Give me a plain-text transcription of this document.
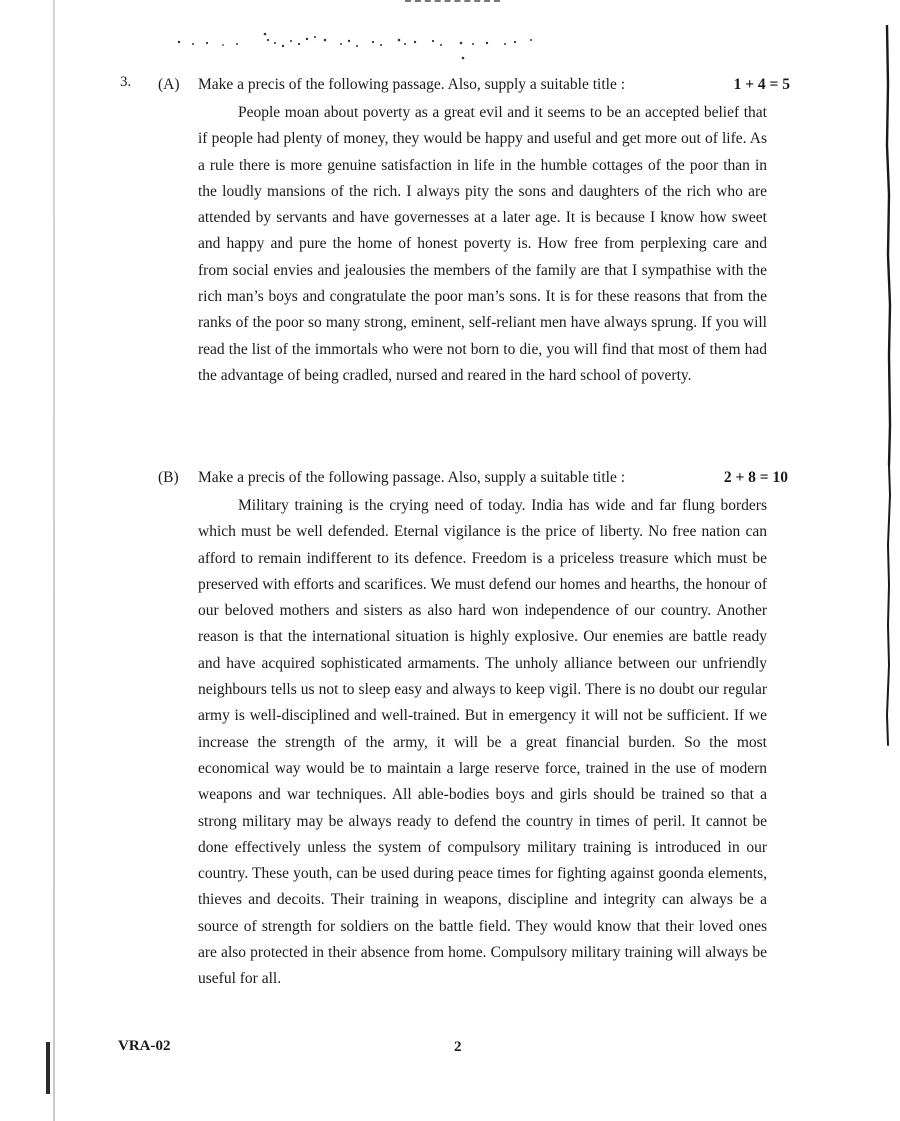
3. (A) Make a precis of the following passage. Also, supply a suitable title :	1 + 4 = 5

People moan about poverty as a great evil and it seems to be an accepted belief that if people had plenty of money, they would be happy and useful and get more out of life. As a rule there is more genuine satisfaction in life in the humble cottages of the poor than in the loudly mansions of the rich. I always pity the sons and daughters of the rich who are attended by servants and have governesses at a later age. It is because I know how sweet and happy and pure the home of honest poverty is. How free from perplexing care and from social envies and jealousies the members of the family are that I sympathise with the rich man’s boys and congratulate the poor man’s sons. It is for these reasons that from the ranks of the poor so many strong, eminent, self-reliant men have always sprung. If you will read the list of the immortals who were not born to die, you will find that most of them had the advantage of being cradled, nursed and reared in the hard school of poverty.

(B) Make a precis of the following passage. Also, supply a suitable title :	2 + 8 = 10

Military training is the crying need of today. India has wide and far flung borders which must be well defended. Eternal vigilance is the price of liberty. No free nation can afford to remain indifferent to its defence. Freedom is a priceless treasure which must be preserved with efforts and scarifices. We must defend our homes and hearths, the honour of our beloved mothers and sisters as also hard won independence of our country. Another reason is that the international situation is highly explosive. Our enemies are battle ready and have acquired sophisticated armaments. The unholy alliance between our unfriendly neighbours tells us not to sleep easy and always to keep vigil. There is no doubt our regular army is well-disciplined and well-trained. But in emergency it will not be sufficient. If we increase the strength of the army, it will be a great financial burden. So the most economical way would be to maintain a large reserve force, trained in the use of modern weapons and war techniques. All able-bodies boys and girls should be trained so that a strong military may be always ready to defend the country in times of peril. It cannot be done effectively unless the system of compulsory military training is introduced in our country. These youth, can be used during peace times for fighting against goonda elements, thieves and decoits. Their training in weapons, discipline and integrity can always be a source of strength for soldiers on the battle field. They would know that their loved ones are also protected in their absence from home. Compulsory military training will always be useful for all.

VRA-02	2
